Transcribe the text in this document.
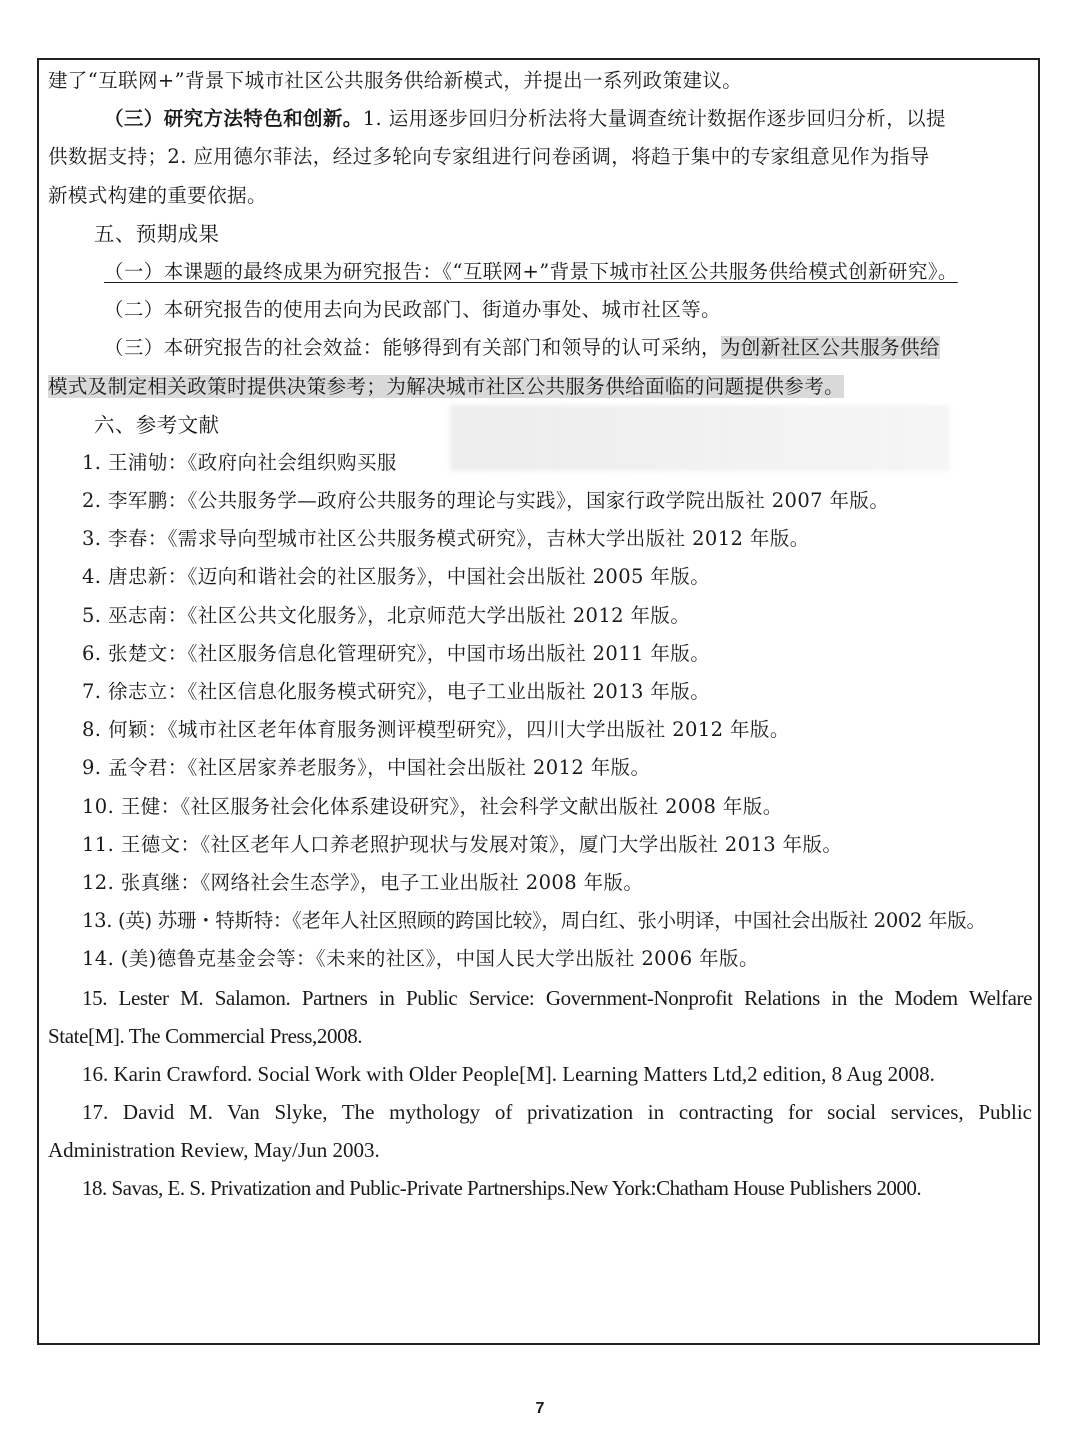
建了“互联网+”背景下城市社区公共服务供给新模式，并提出一系列政策建议。
（三）研究方法特色和创新。1. 运用逐步回归分析法将大量调查统计数据作逐步回归分析，以提
供数据支持；2. 应用德尔菲法，经过多轮向专家组进行问卷函调，将趋于集中的专家组意见作为指导
新模式构建的重要依据。
五、预期成果
（一）本课题的最终成果为研究报告：《“互联网+”背景下城市社区公共服务供给模式创新研究》。
（二）本研究报告的使用去向为民政部门、街道办事处、城市社区等。
（三）本研究报告的社会效益：能够得到有关部门和领导的认可采纳，为创新社区公共服务供给
模式及制定相关政策时提供决策参考；为解决城市社区公共服务供给面临的问题提供参考。
六、参考文献
1. 王浦劬：《政府向社会组织购买服
2. 李军鹏：《公共服务学—政府公共服务的理论与实践》，国家行政学院出版社 2007 年版。
3. 李春：《需求导向型城市社区公共服务模式研究》，吉林大学出版社 2012 年版。
4. 唐忠新：《迈向和谐社会的社区服务》，中国社会出版社 2005 年版。
5. 巫志南：《社区公共文化服务》，北京师范大学出版社 2012 年版。
6. 张楚文：《社区服务信息化管理研究》，中国市场出版社 2011 年版。
7. 徐志立：《社区信息化服务模式研究》，电子工业出版社 2013 年版。
8. 何颖：《城市社区老年体育服务测评模型研究》，四川大学出版社 2012 年版。
9. 孟令君：《社区居家养老服务》，中国社会出版社 2012 年版。
10. 王健：《社区服务社会化体系建设研究》，社会科学文献出版社 2008 年版。
11. 王德文：《社区老年人口养老照护现状与发展对策》，厦门大学出版社 2013 年版。
12. 张真继：《网络社会生态学》，电子工业出版社 2008 年版。
13. (英) 苏珊・特斯特：《老年人社区照顾的跨国比较》，周白红、张小明译，中国社会出版社 2002 年版。
14. (美)德鲁克基金会等：《未来的社区》，中国人民大学出版社 2006 年版。
15. Lester M. Salamon. Partners in Public Service: Government-Nonprofit Relations in the Modem Welfare
State[M]. The Commercial Press,2008.
16. Karin Crawford. Social Work with Older People[M]. Learning Matters Ltd,2 edition, 8 Aug 2008.
17. David M. Van Slyke, The mythology of privatization in contracting for social services, Public
Administration Review, May/Jun 2003.
18. Savas, E. S. Privatization and Public-Private Partnerships.New York:Chatham House Publishers 2000.
7
